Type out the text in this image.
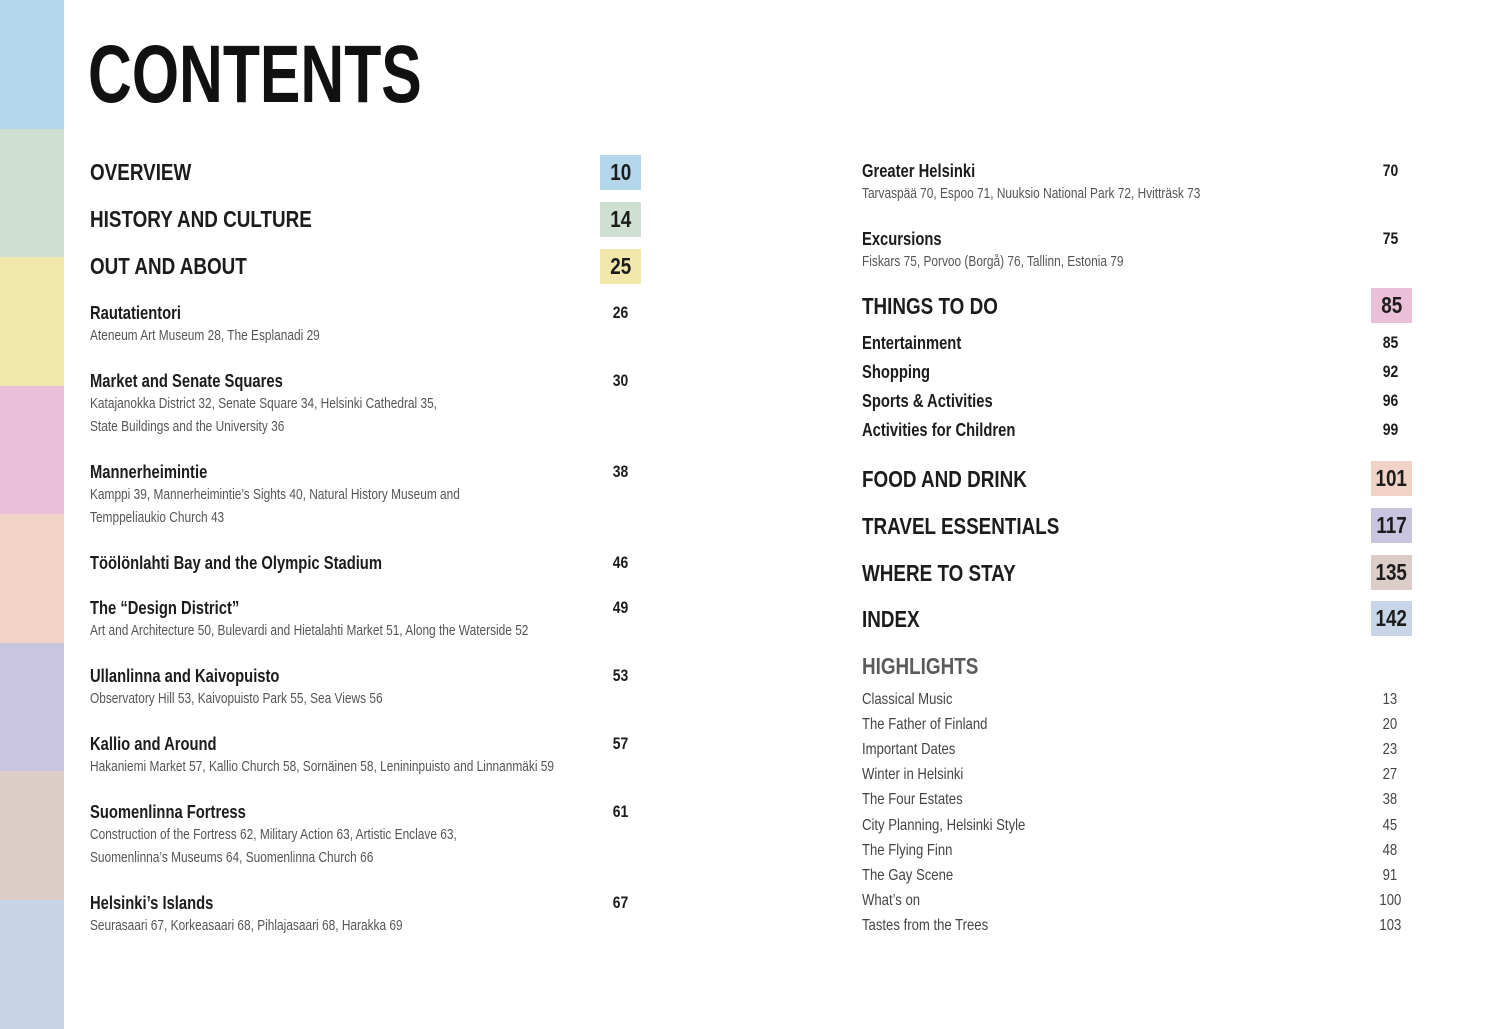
CONTENTS
OVERVIEW	10
HISTORY AND CULTURE	14
OUT AND ABOUT	25
Rautatientori	26
Ateneum Art Museum 28, The Esplanadi 29
Market and Senate Squares	30
Katajanokka District 32, Senate Square 34, Helsinki Cathedral 35,
State Buildings and the University 36
Mannerheimintie	38
Kamppi 39, Mannerheimintie’s Sights 40, Natural History Museum and
Temppeliaukio Church 43
Töölönlahti Bay and the Olympic Stadium	46
The “Design District”	49
Art and Architecture 50, Bulevardi and Hietalahti Market 51, Along the Waterside 52
Ullanlinna and Kaivopuisto	53
Observatory Hill 53, Kaivopuisto Park 55, Sea Views 56
Kallio and Around	57
Hakaniemi Market 57, Kallio Church 58, Sornäinen 58, Lenininpuisto and Linnanmäki 59
Suomenlinna Fortress	61
Construction of the Fortress 62, Military Action 63, Artistic Enclave 63,
Suomenlinna’s Museums 64, Suomenlinna Church 66
Helsinki’s Islands	67
Seurasaari 67, Korkeasaari 68, Pihlajasaari 68, Harakka 69
Greater Helsinki	70
Tarvaspää 70, Espoo 71, Nuuksio National Park 72, Hvitträsk 73
Excursions	75
Fiskars 75, Porvoo (Borgå) 76, Tallinn, Estonia 79
THINGS TO DO	85
Entertainment	85
Shopping	92
Sports & Activities	96
Activities for Children	99
FOOD AND DRINK	101
TRAVEL ESSENTIALS	117
WHERE TO STAY	135
INDEX	142
HIGHLIGHTS
Classical Music	13
The Father of Finland	20
Important Dates	23
Winter in Helsinki	27
The Four Estates	38
City Planning, Helsinki Style	45
The Flying Finn	48
The Gay Scene	91
What’s on	100
Tastes from the Trees	103
